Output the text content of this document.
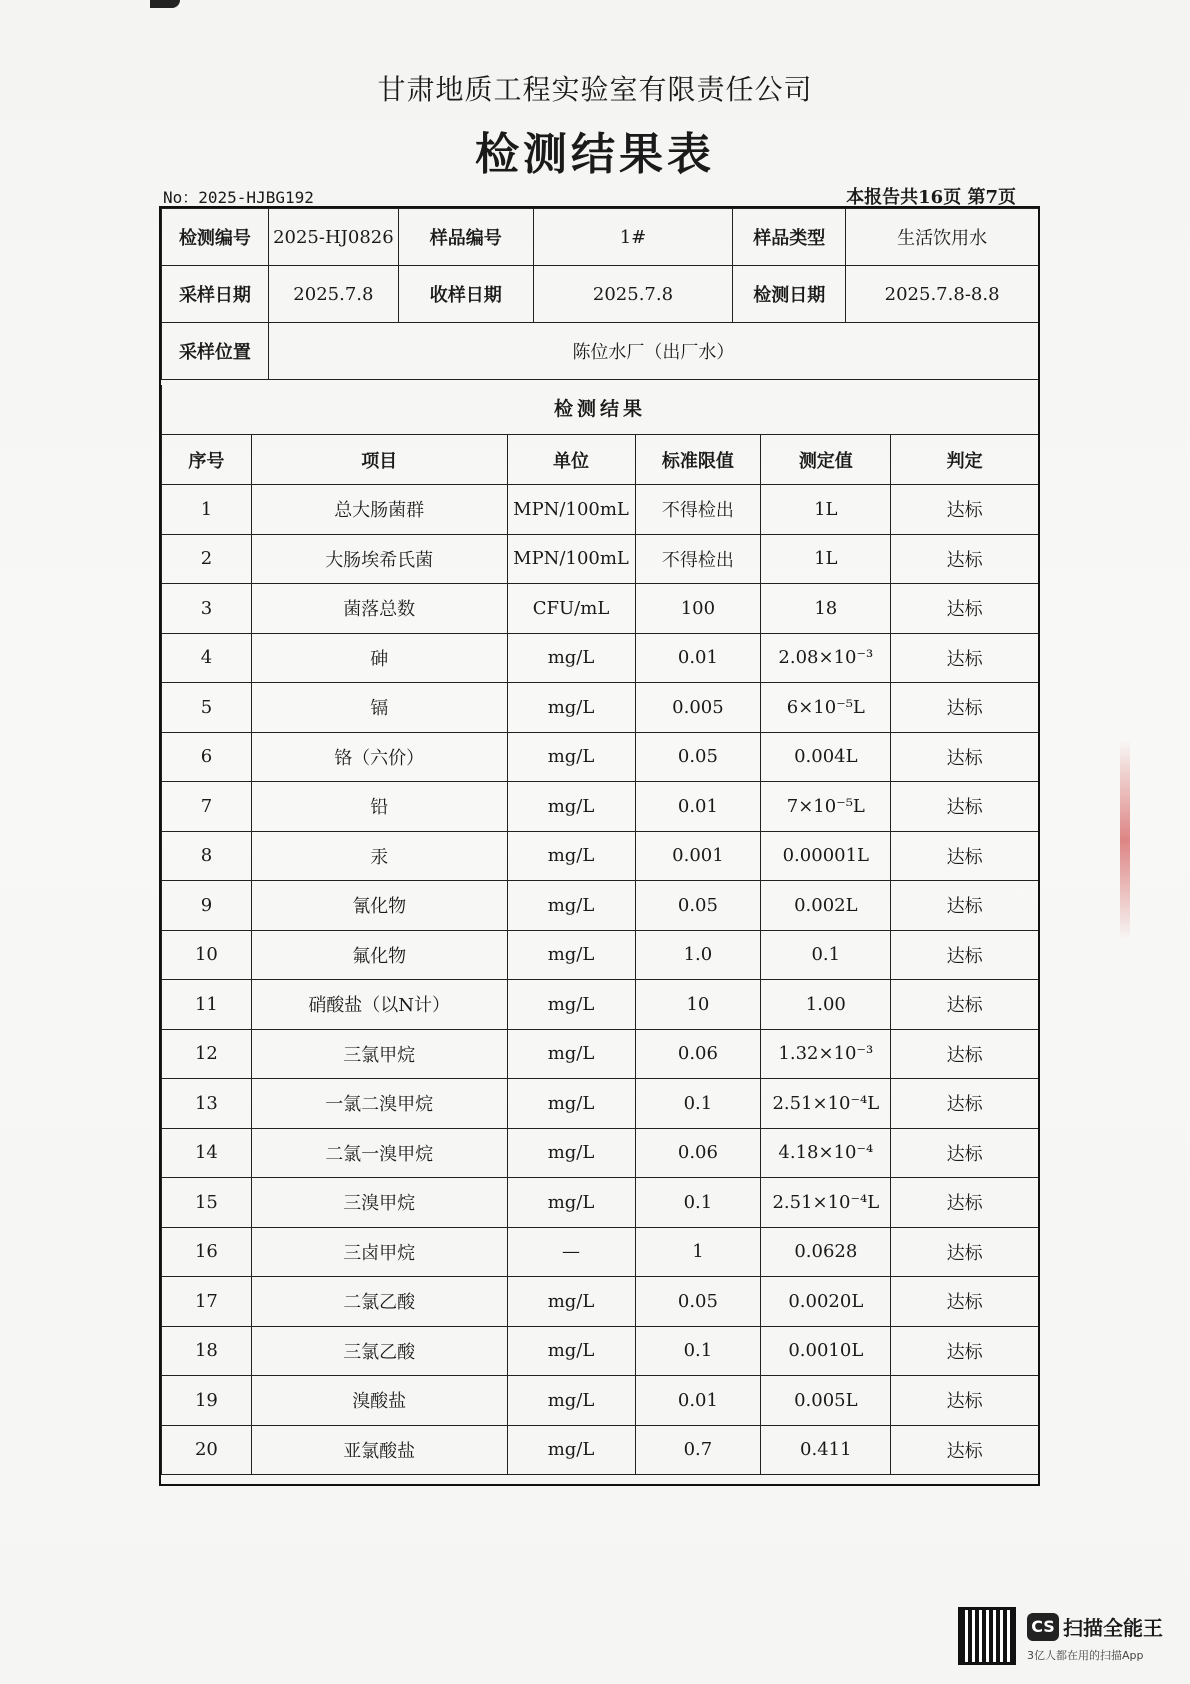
甘肃地质工程实验室有限责任公司
检测结果表
No：2025-HJBG192	本报告共16页 第7页
检测编号	2025-HJ0826	样品编号	1#	样品类型	生活饮用水
采样日期	2025.7.8	收样日期	2025.7.8	检测日期	2025.7.8-8.8
采样位置	陈位水厂（出厂水）				
检测结果
序号	项目	单位	标准限值	测定值	判定
1	总大肠菌群	MPN/100mL	不得检出	1L	达标
2	大肠埃希氏菌	MPN/100mL	不得检出	1L	达标
3	菌落总数	CFU/mL	100	18	达标
4	砷	mg/L	0.01	2.08×10⁻³	达标
5	镉	mg/L	0.005	6×10⁻⁵L	达标
6	铬（六价）	mg/L	0.05	0.004L	达标
7	铅	mg/L	0.01	7×10⁻⁵L	达标
8	汞	mg/L	0.001	0.00001L	达标
9	氰化物	mg/L	0.05	0.002L	达标
10	氟化物	mg/L	1.0	0.1	达标
11	硝酸盐（以N计）	mg/L	10	1.00	达标
12	三氯甲烷	mg/L	0.06	1.32×10⁻³	达标
13	一氯二溴甲烷	mg/L	0.1	2.51×10⁻⁴L	达标
14	二氯一溴甲烷	mg/L	0.06	4.18×10⁻⁴	达标
15	三溴甲烷	mg/L	0.1	2.51×10⁻⁴L	达标
16	三卤甲烷	—	1	0.0628	达标
17	二氯乙酸	mg/L	0.05	0.0020L	达标
18	三氯乙酸	mg/L	0.1	0.0010L	达标
19	溴酸盐	mg/L	0.01	0.005L	达标
20	亚氯酸盐	mg/L	0.7	0.411	达标
CS 扫描全能王
3亿人都在用的扫描App
